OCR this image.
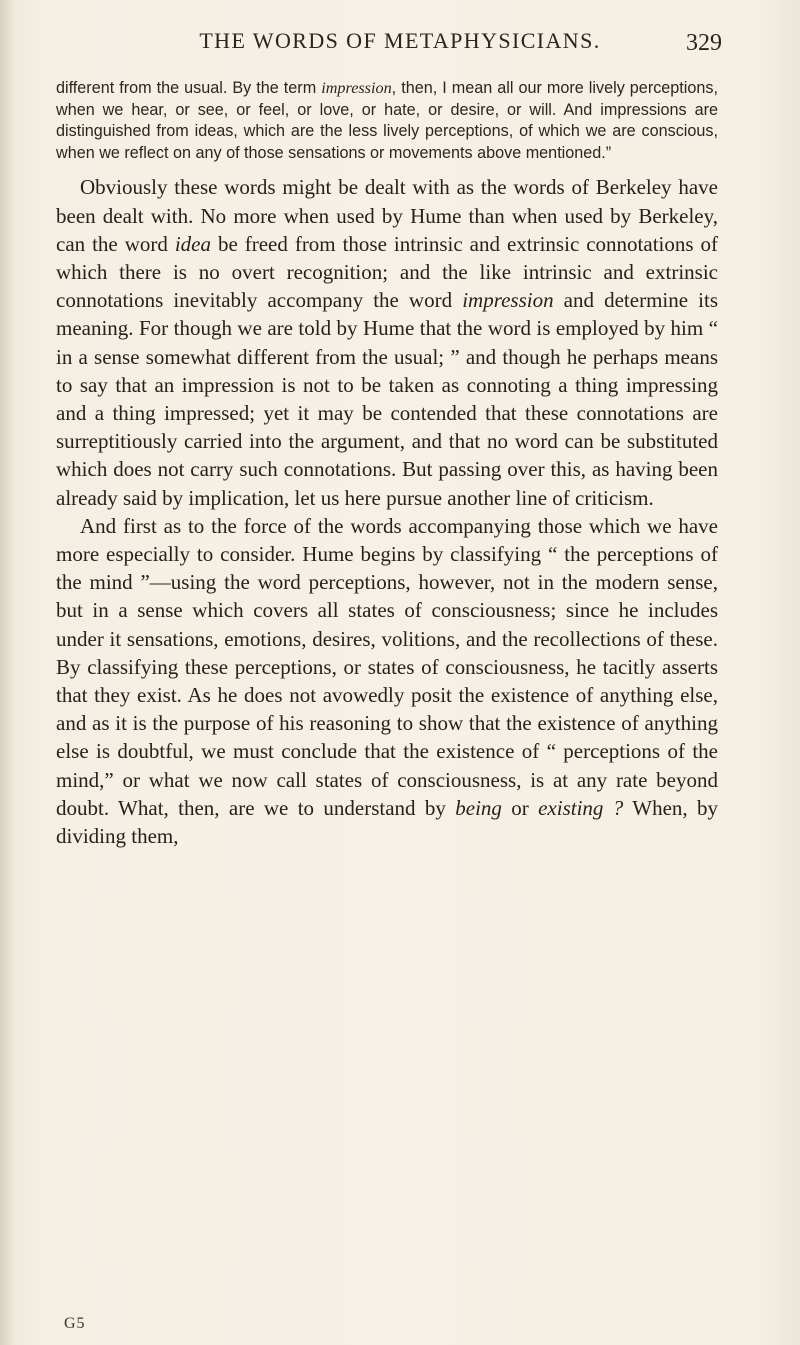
THE WORDS OF METAPHYSICIANS.	329

different from the usual. By the term impression, then, I mean all our more lively perceptions, when we hear, or see, or feel, or love, or hate, or desire, or will. And impressions are distinguished from ideas, which are the less lively perceptions, of which we are conscious, when we reflect on any of those sensations or movements above mentioned.”

Obviously these words might be dealt with as the words of Berkeley have been dealt with. No more when used by Hume than when used by Berkeley, can the word idea be freed from those intrinsic and extrinsic connotations of which there is no overt recognition; and the like intrinsic and extrinsic connotations inevitably accompany the word impression and determine its meaning. For though we are told by Hume that the word is employed by him “ in a sense somewhat different from the usual; ” and though he perhaps means to say that an impression is not to be taken as connoting a thing impressing and a thing impressed; yet it may be contended that these connotations are surreptitiously carried into the argument, and that no word can be substituted which does not carry such connotations. But passing over this, as having been already said by implication, let us here pursue another line of criticism.

And first as to the force of the words accompanying those which we have more especially to consider. Hume begins by classifying “ the perceptions of the mind ”—using the word perceptions, however, not in the modern sense, but in a sense which covers all states of consciousness; since he includes under it sensations, emotions, desires, volitions, and the recollections of these. By classifying these perceptions, or states of consciousness, he tacitly asserts that they exist. As he does not avowedly posit the existence of anything else, and as it is the purpose of his reasoning to show that the existence of anything else is doubtful, we must conclude that the existence of “ perceptions of the mind,” or what we now call states of consciousness, is at any rate beyond doubt. What, then, are we to understand by being or existing ? When, by dividing them,

G5
